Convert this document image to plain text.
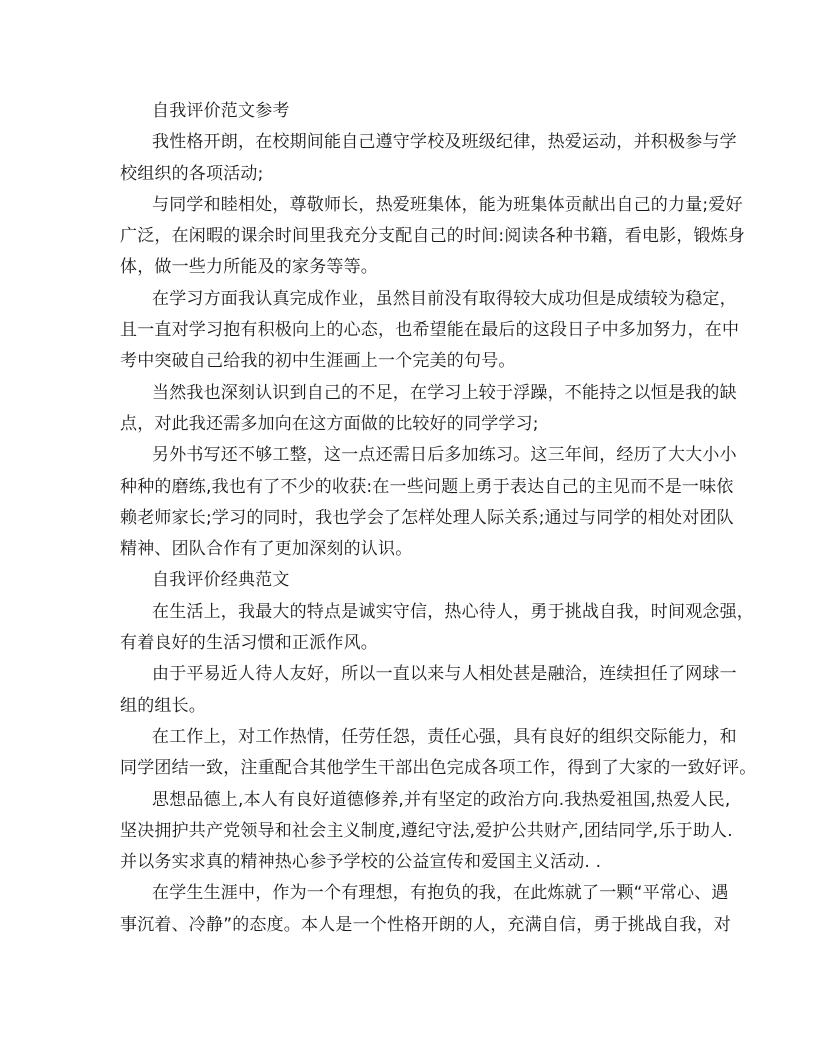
自我评价范文参考
我性格开朗，在校期间能自己遵守学校及班级纪律，热爱运动，并积极参与学
校组织的各项活动;
与同学和睦相处，尊敬师长，热爱班集体，能为班集体贡献出自己的力量;爱好
广泛，在闲暇的课余时间里我充分支配自己的时间:阅读各种书籍，看电影，锻炼身
体，做一些力所能及的家务等等。
在学习方面我认真完成作业，虽然目前没有取得较大成功但是成绩较为稳定，
且一直对学习抱有积极向上的心态，也希望能在最后的这段日子中多加努力，在中
考中突破自己给我的初中生涯画上一个完美的句号。
当然我也深刻认识到自己的不足，在学习上较于浮躁，不能持之以恒是我的缺
点，对此我还需多加向在这方面做的比较好的同学学习;
另外书写还不够工整，这一点还需日后多加练习。这三年间，经历了大大小小
种种的磨练,我也有了不少的收获:在一些问题上勇于表达自己的主见而不是一味依
赖老师家长;学习的同时，我也学会了怎样处理人际关系;通过与同学的相处对团队
精神、团队合作有了更加深刻的认识。
自我评价经典范文
在生活上，我最大的特点是诚实守信，热心待人，勇于挑战自我，时间观念强，
有着良好的生活习惯和正派作风。
由于平易近人待人友好，所以一直以来与人相处甚是融洽，连续担任了网球一
组的组长。
在工作上，对工作热情，任劳任怨，责任心强，具有良好的组织交际能力，和
同学团结一致，注重配合其他学生干部出色完成各项工作，得到了大家的一致好评。
思想品德上,本人有良好道德修养,并有坚定的政治方向.我热爱祖国,热爱人民,
坚决拥护共产党领导和社会主义制度,遵纪守法,爱护公共财产,团结同学,乐于助人.
并以务实求真的精神热心参予学校的公益宣传和爱国主义活动. .
在学生生涯中，作为一个有理想，有抱负的我，在此炼就了一颗“平常心、遇
事沉着、冷静”的态度。本人是一个性格开朗的人，充满自信，勇于挑战自我，对
